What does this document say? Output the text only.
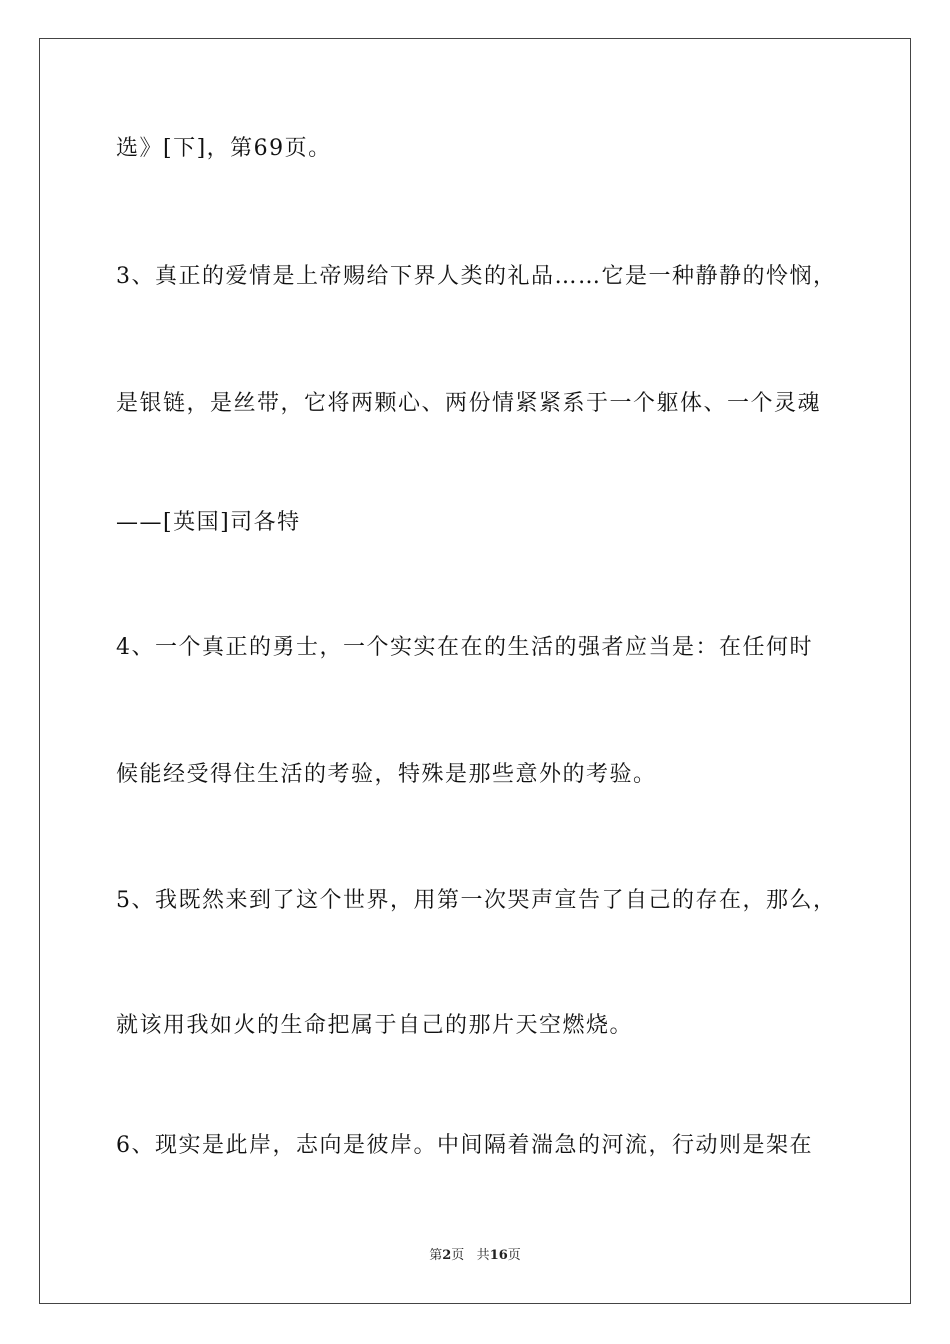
选》[下]，第69页。
3、真正的爱情是上帝赐给下界人类的礼品……它是一种静静的怜悯，
是银链，是丝带，它将两颗心、两份情紧紧系于一个躯体、一个灵魂
——[英国]司各特
4、一个真正的勇士，一个实实在在的生活的强者应当是：在任何时
候能经受得住生活的考验，特殊是那些意外的考验。
5、我既然来到了这个世界，用第一次哭声宣告了自己的存在，那么，
就该用我如火的生命把属于自己的那片天空燃烧。
6、现实是此岸，志向是彼岸。中间隔着湍急的河流，行动则是架在
第2页 共16页
